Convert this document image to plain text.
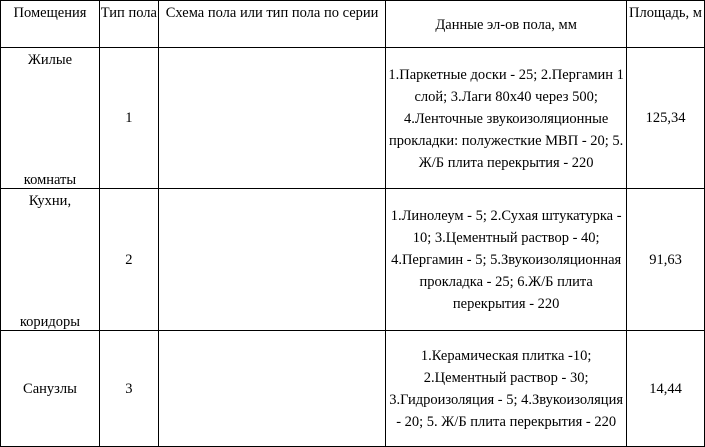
Помещения	Тип пола	Схема пола или тип пола по серии	Данные эл-ов пола, мм	Площадь, м

Жилые
комнаты	1		1.Паркетные доски - 25; 2.Пергамин 1 слой; 3.Лаги 80х40 через 500; 4.Ленточные звукоизоляционные прокладки: полужесткие МВП - 20; 5. Ж/Б плита перекрытия - 220	125,34

Кухни,
коридоры	2		1.Линолеум - 5; 2.Сухая штукатурка - 10; 3.Цементный раствор - 40; 4.Пергамин - 5; 5.Звукоизоляционная прокладка - 25; 6.Ж/Б плита перекрытия - 220	91,63
Санузлы	3		1.Керамическая плитка -10; 2.Цементный раствор - 30; 3.Гидроизоляция - 5; 4.Звукоизоляция - 20; 5. Ж/Б плита перекрытия - 220	14,44
